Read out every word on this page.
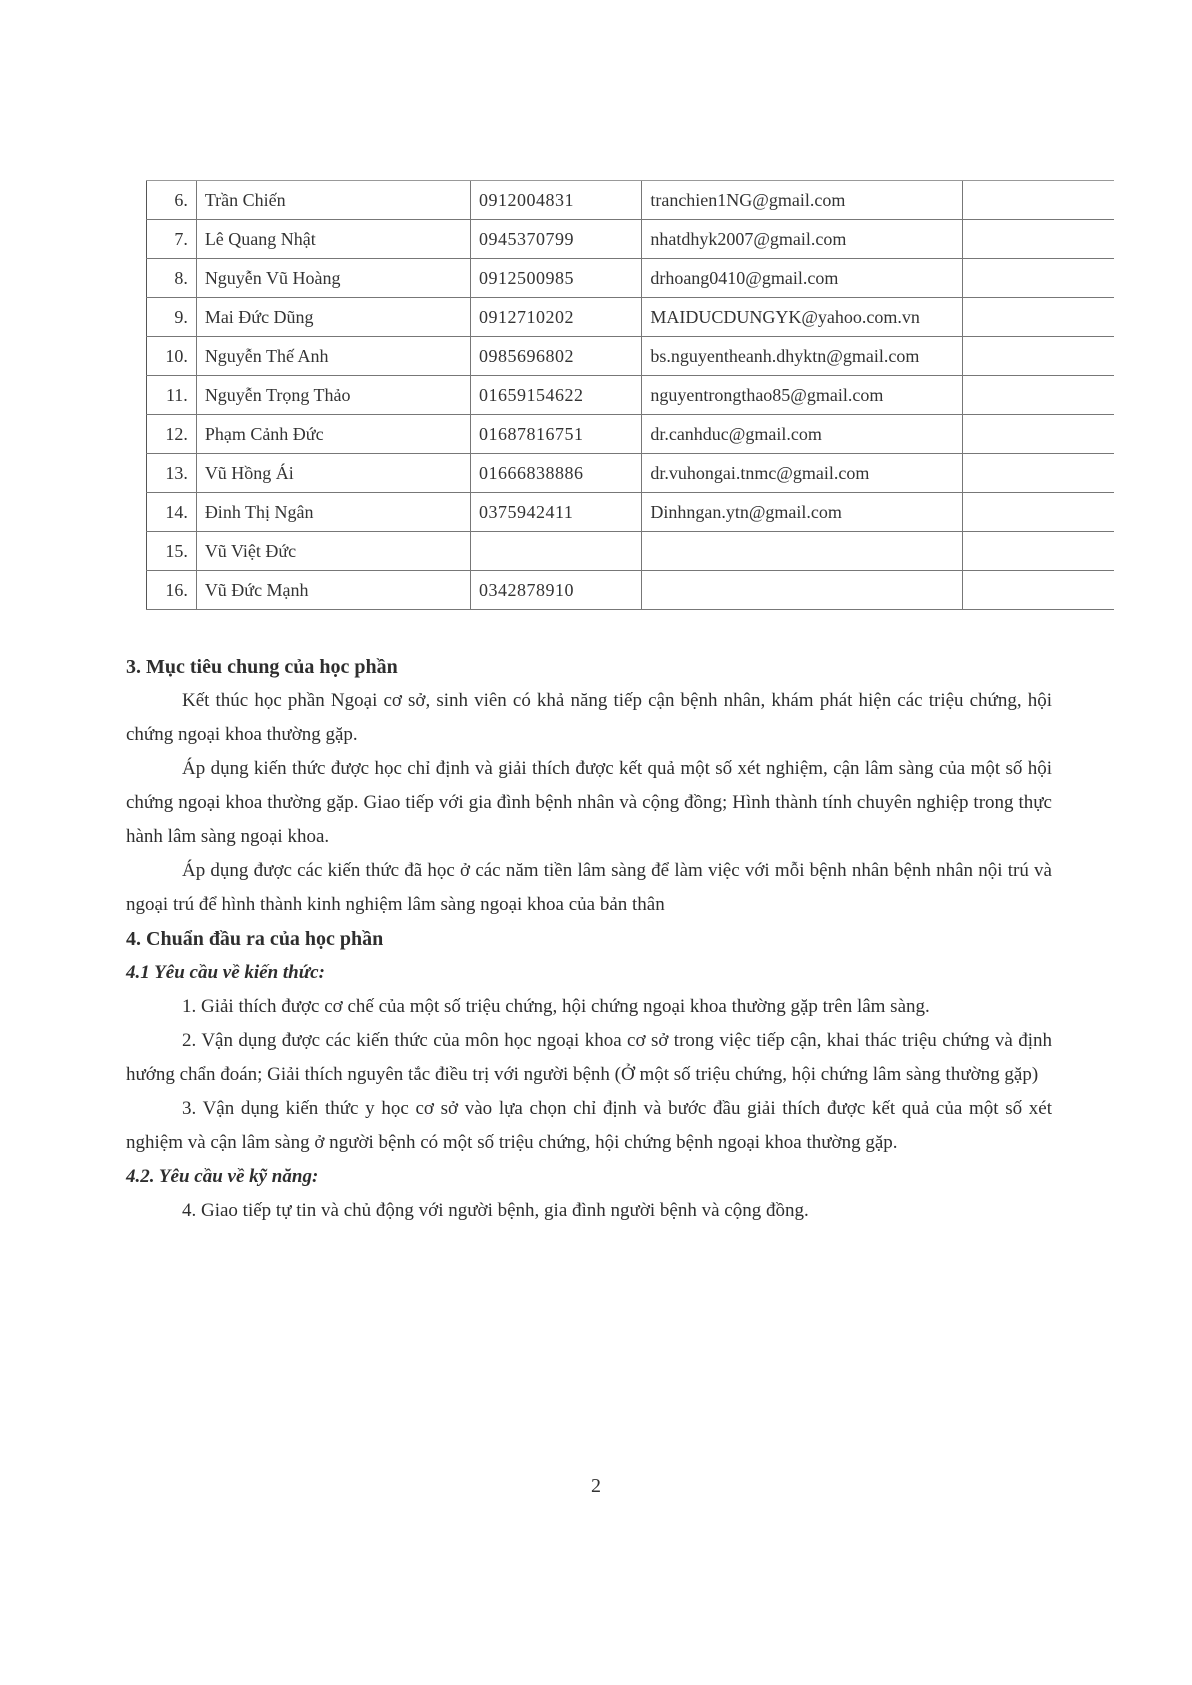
6.	Trần Chiến	0912004831	tranchien1NG@gmail.com	
7.	Lê Quang Nhật	0945370799	nhatdhyk2007@gmail.com	
8.	Nguyễn Vũ Hoàng	0912500985	drhoang0410@gmail.com	
9.	Mai Đức Dũng	0912710202	MAIDUCDUNGYK@yahoo.com.vn	
10.	Nguyễn Thế Anh	0985696802	bs.nguyentheanh.dhyktn@gmail.com	
11.	Nguyễn Trọng Thảo	01659154622	nguyentrongthao85@gmail.com	
12.	Phạm Cảnh Đức	01687816751	dr.canhduc@gmail.com	
13.	Vũ Hồng Ái	01666838886	dr.vuhongai.tnmc@gmail.com	
14.	Đinh Thị Ngân	0375942411	Dinhngan.ytn@gmail.com	
15.	Vũ Việt Đức			
16.	Vũ Đức Mạnh	0342878910		

3. Mục tiêu chung của học phần

Kết thúc học phần Ngoại cơ sở, sinh viên có khả năng tiếp cận bệnh nhân, khám phát hiện các triệu chứng, hội chứng ngoại khoa thường gặp.

Áp dụng kiến thức được học chỉ định và giải thích được kết quả một số xét nghiệm, cận lâm sàng của một số hội chứng ngoại khoa thường gặp. Giao tiếp với gia đình bệnh nhân và cộng đồng; Hình thành tính chuyên nghiệp trong thực hành lâm sàng ngoại khoa.

Áp dụng được các kiến thức đã học ở các năm tiền lâm sàng để làm việc với mỗi bệnh nhân bệnh nhân nội trú và ngoại trú để hình thành kinh nghiệm lâm sàng ngoại khoa của bản thân

4. Chuẩn đầu ra của học phần

4.1 Yêu cầu về kiến thức:

1. Giải thích được cơ chế của một số triệu chứng, hội chứng ngoại khoa thường gặp trên lâm sàng.

2. Vận dụng được các kiến thức của môn học ngoại khoa cơ sở trong việc tiếp cận, khai thác triệu chứng và định hướng chẩn đoán; Giải thích nguyên tắc điều trị với người bệnh (Ở một số triệu chứng, hội chứng lâm sàng thường gặp)

3. Vận dụng kiến thức y học cơ sở vào lựa chọn chỉ định và bước đầu giải thích được kết quả của một số xét nghiệm và cận lâm sàng ở người bệnh có một số triệu chứng, hội chứng bệnh ngoại khoa thường gặp.

4.2. Yêu cầu về kỹ năng:

4. Giao tiếp tự tin và chủ động với người bệnh, gia đình người bệnh và cộng đồng.

2
